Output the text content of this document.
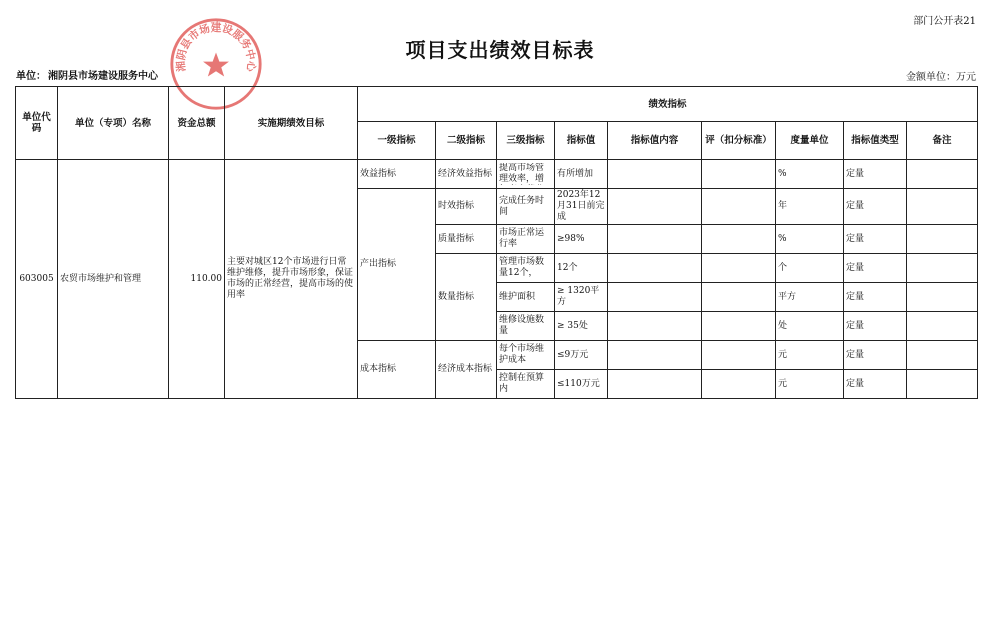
部门公开表21
项目支出绩效目标表
单位： 湘阴县市场建设服务中心	金额单位：万元
湘阴县市场建设服务中心
单位代码	单位（专项）名称	资金总额	实施期绩效目标	绩效指标								
				一级指标	二级指标	三级指标	指标值	指标值内容	评（扣分标准）	度量单位	指标值类型	备注
603005	农贸市场维护和管理	110.00	主要对城区12个市场进行日常维护维修，提升市场形象，保证市场的正常经营，提高市场的使用率	效益指标	经济效益指标	提高市场管理效率，增	有所增加			%	定量	
				产出指标	时效指标	完成任务时间	2023年12月31日前完成			年	定量	
					质量指标	市场正常运行率	≥98%			%	定量	
					数量指标	管理市场数量12个，	12个			个	定量	
						维护面积	≥ 1320平方			平方	定量	
						维修设施数量	≥ 35处			处	定量	
				成本指标	经济成本指标	每个市场维护成本	≤9万元			元	定量	
						控制在预算内	≤110万元			元	定量	
